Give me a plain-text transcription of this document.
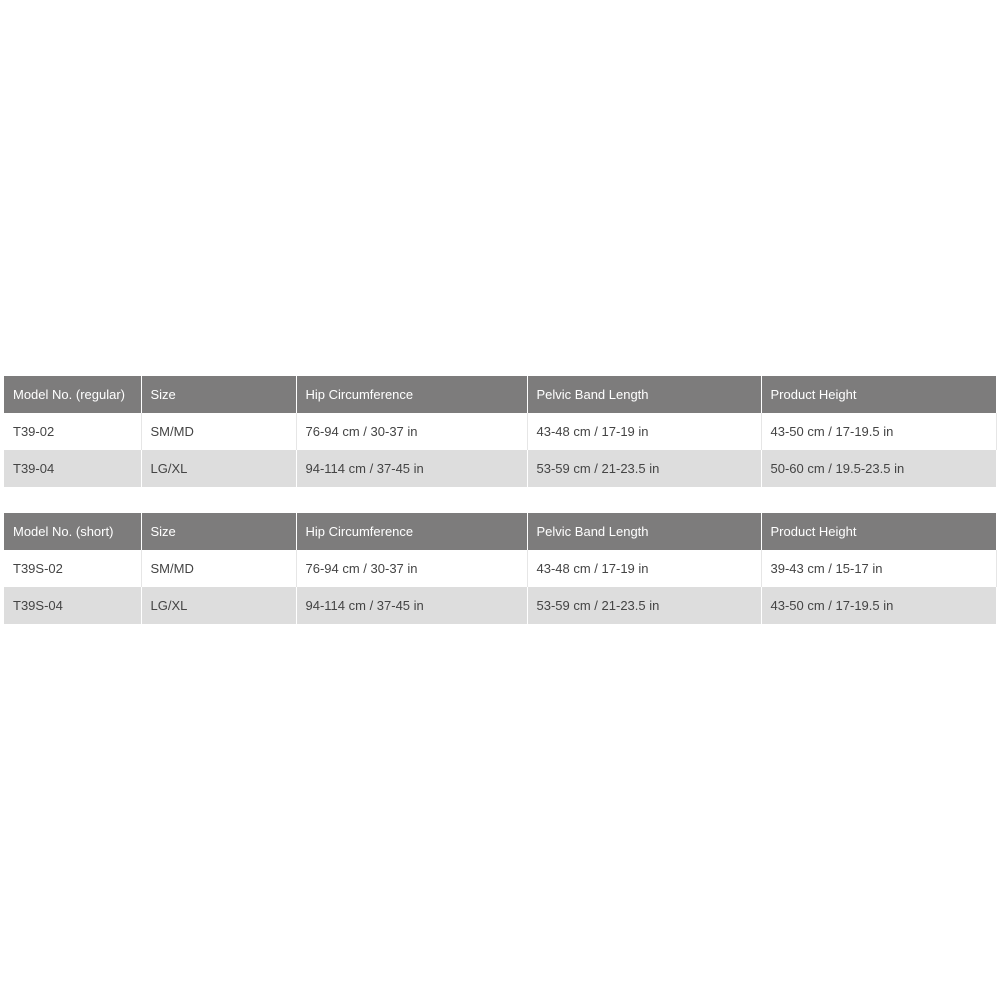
Model No. (regular)	Size	Hip Circumference	Pelvic Band Length	Product Height
T39-02	SM/MD	76-94 cm / 30-37 in	43-48 cm / 17-19 in	43-50 cm / 17-19.5 in
T39-04	LG/XL	94-114 cm / 37-45 in	53-59 cm / 21-23.5 in	50-60 cm / 19.5-23.5 in
Model No. (short)	Size	Hip Circumference	Pelvic Band Length	Product Height
T39S-02	SM/MD	76-94 cm / 30-37 in	43-48 cm / 17-19 in	39-43 cm / 15-17 in
T39S-04	LG/XL	94-114 cm / 37-45 in	53-59 cm / 21-23.5 in	43-50 cm / 17-19.5 in
